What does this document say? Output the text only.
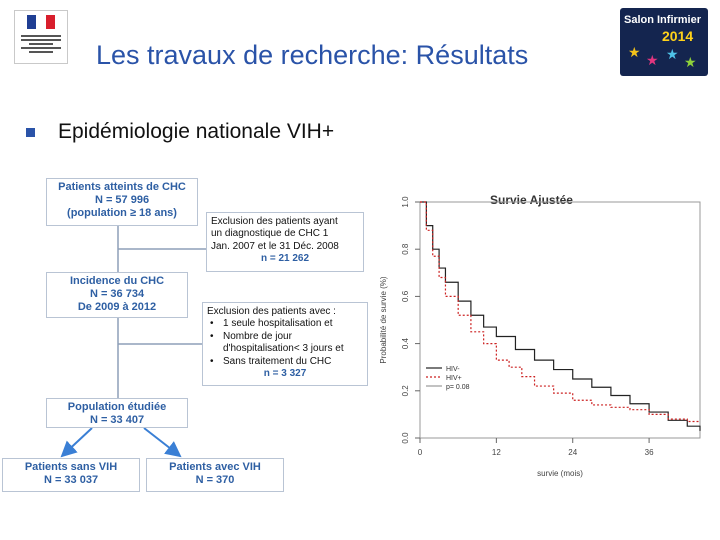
Salon Infirmier
2014
★ ★ ★ ★
Les travaux de recherche: Résultats
Epidémiologie nationale VIH+
Patients atteints de CHC
N = 57 996
(population ≥ 18 ans)
Exclusion des patients ayant
un diagnostique de CHC 1
Jan. 2007 et le 31 Déc. 2008
n = 21 262
Incidence du CHC
N = 36 734
De 2009 à 2012	Exclusion des patients avec :
• 1 seule hospitalisation et
• Nombre de jour
d'hospitalisation< 3 jours et
• Sans traitement du CHC
n = 3 327
Population étudiée
N = 33 407
Patients sans VIH
N = 33 037
Patients avec VIH
N = 370
Survie Ajustée
0.0
0.2
0.4
0.6
0.8
1.0
0	12	24	36
survie (mois)
Probabilité de survie (%)
HIV-
HIV+
p= 0.08
